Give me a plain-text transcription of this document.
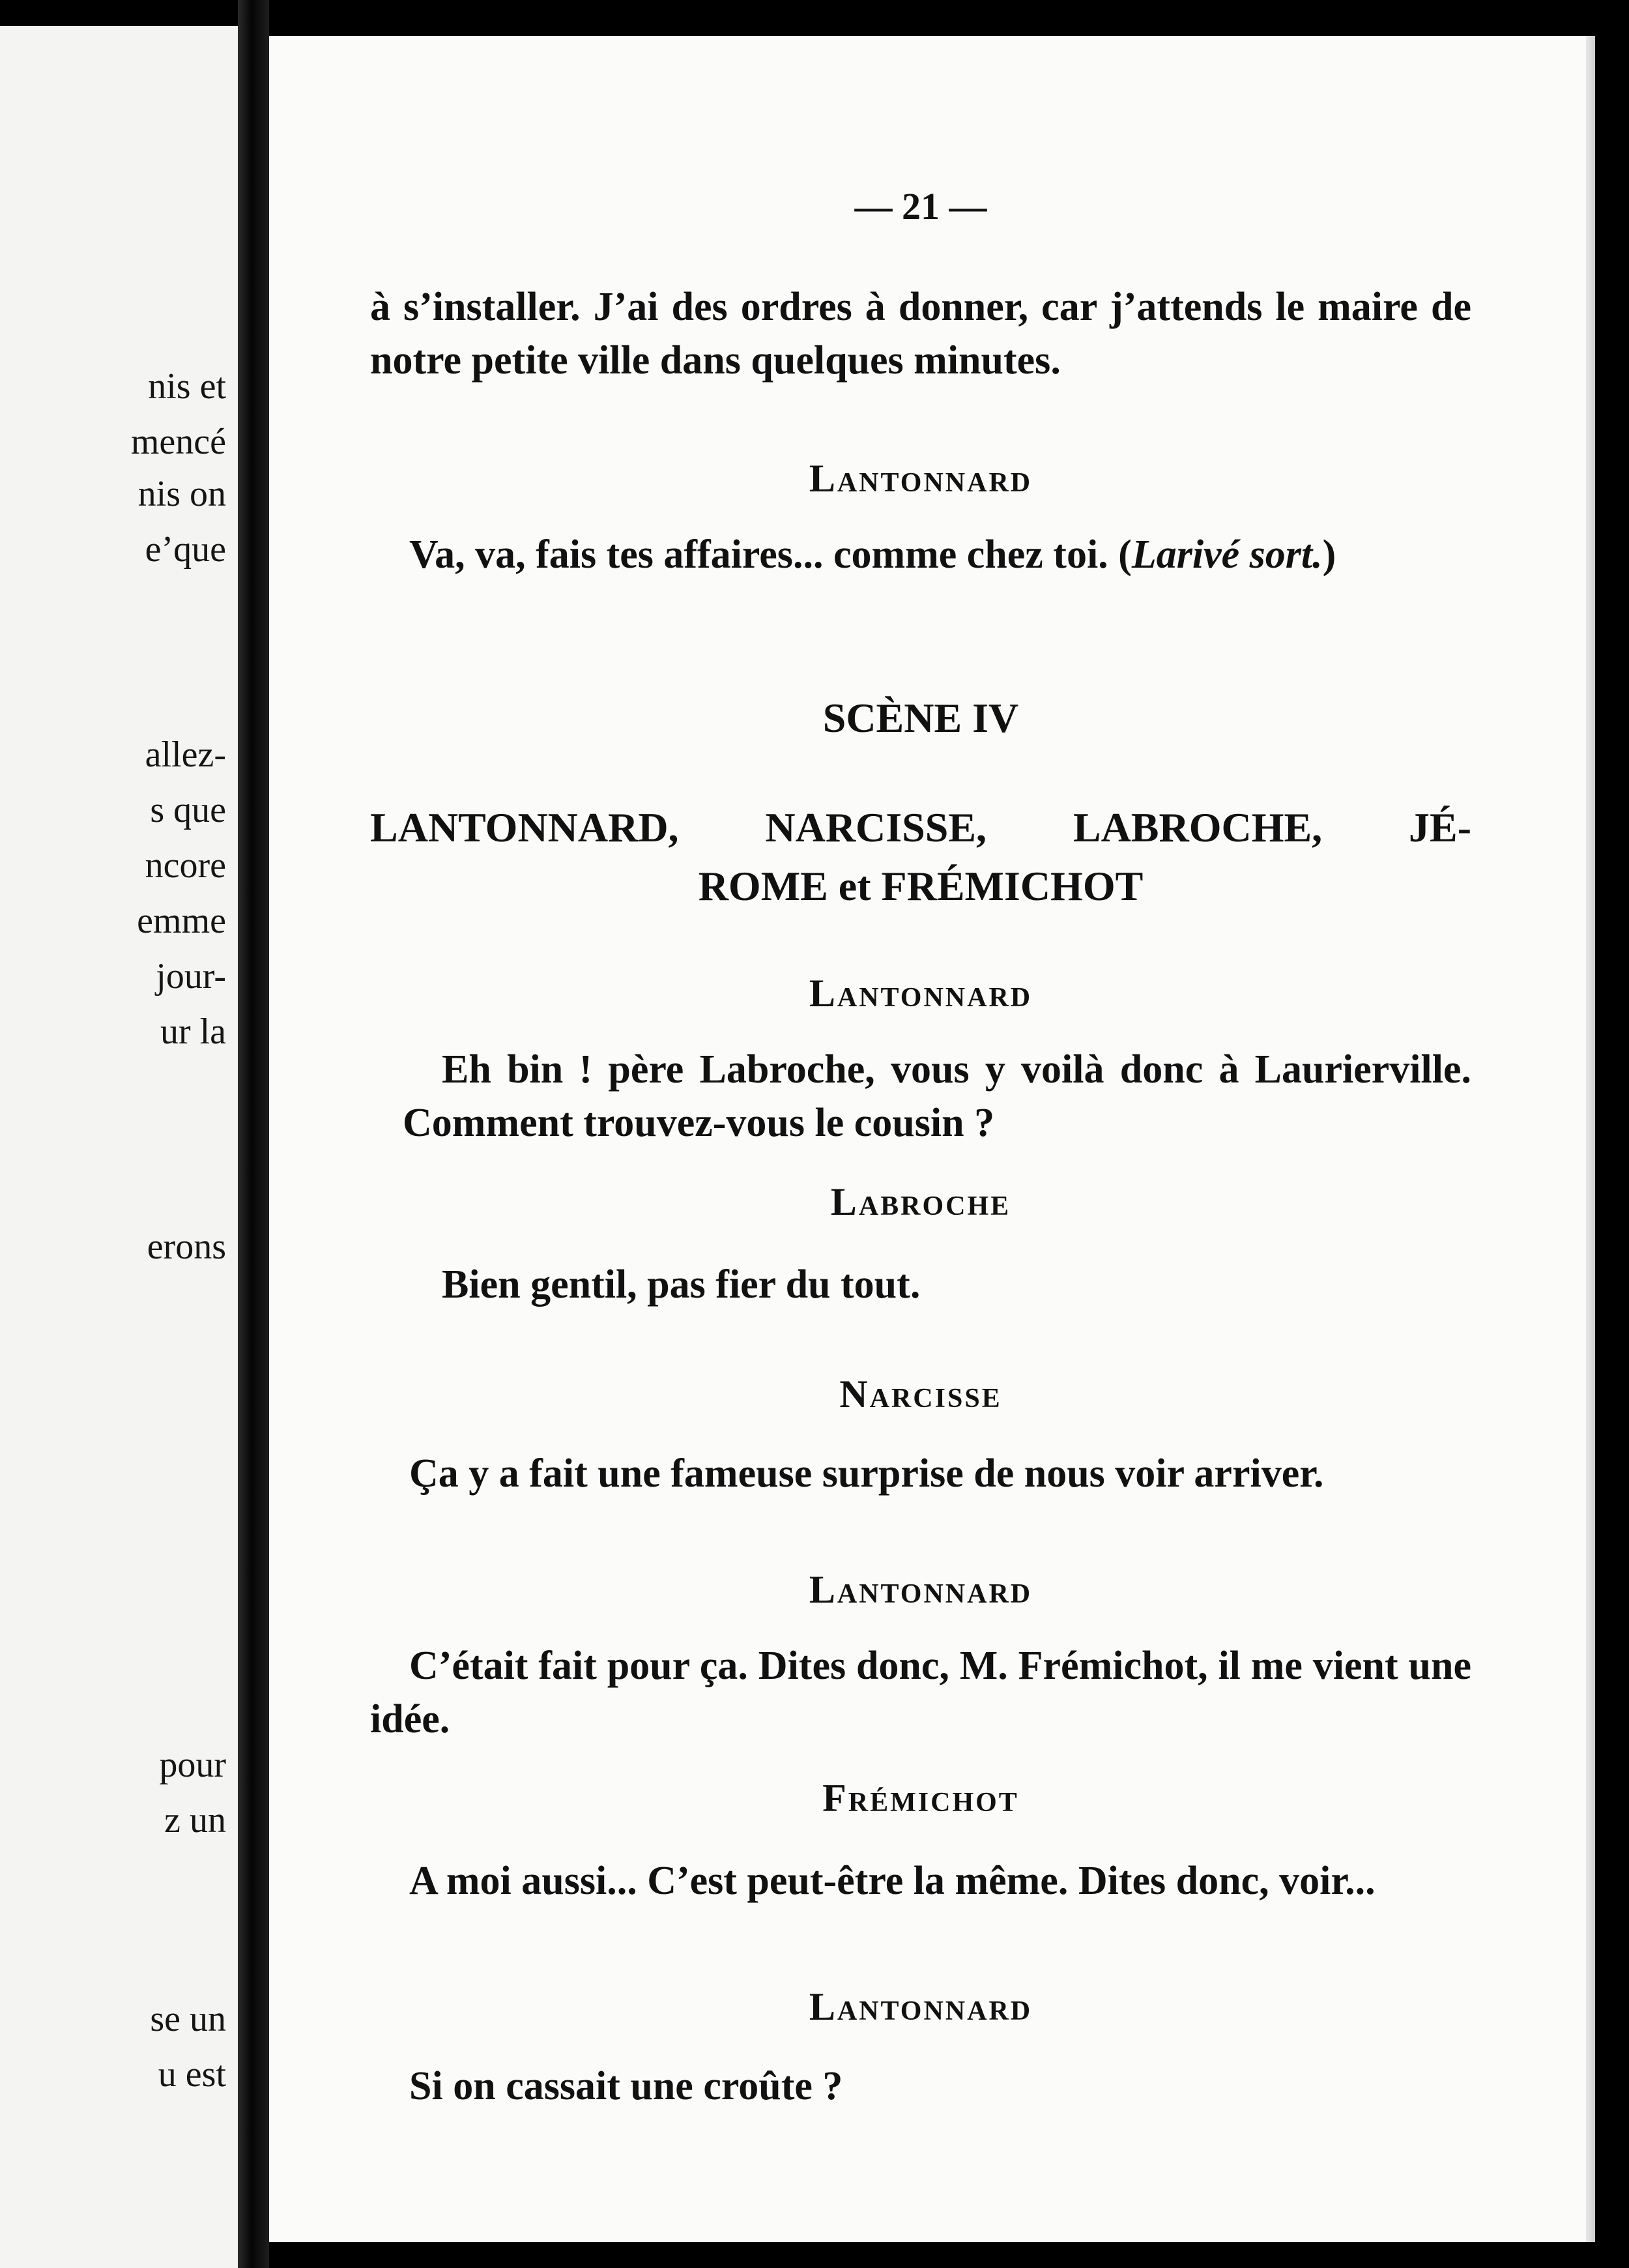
nis et
mencé
nis on
e’que
allez-
s que
ncore
emme
jour-
ur la
erons
pour
z un
se un
u est
— 21 —
à s’installer. J’ai des ordres à donner, car j’attends le maire de notre petite ville dans quelques minutes.
Lantonnard
Va, va, fais tes affaires... comme chez toi. (Larivé sort.)
SCÈNE IV
LANTONNARD, NARCISSE, LABROCHE, JÉ-
ROME et FRÉMICHOT
Lantonnard
Eh bin ! père Labroche, vous y voilà donc à Laurierville. Comment trouvez-vous le cousin ?
Labroche
Bien gentil, pas fier du tout.
Narcisse
Ça y a fait une fameuse surprise de nous voir arriver.
Lantonnard
C’était fait pour ça. Dites donc, M. Frémichot, il me vient une idée.
Frémichot
A moi aussi... C’est peut-être la même. Dites donc, voir...
Lantonnard
Si on cassait une croûte ?
